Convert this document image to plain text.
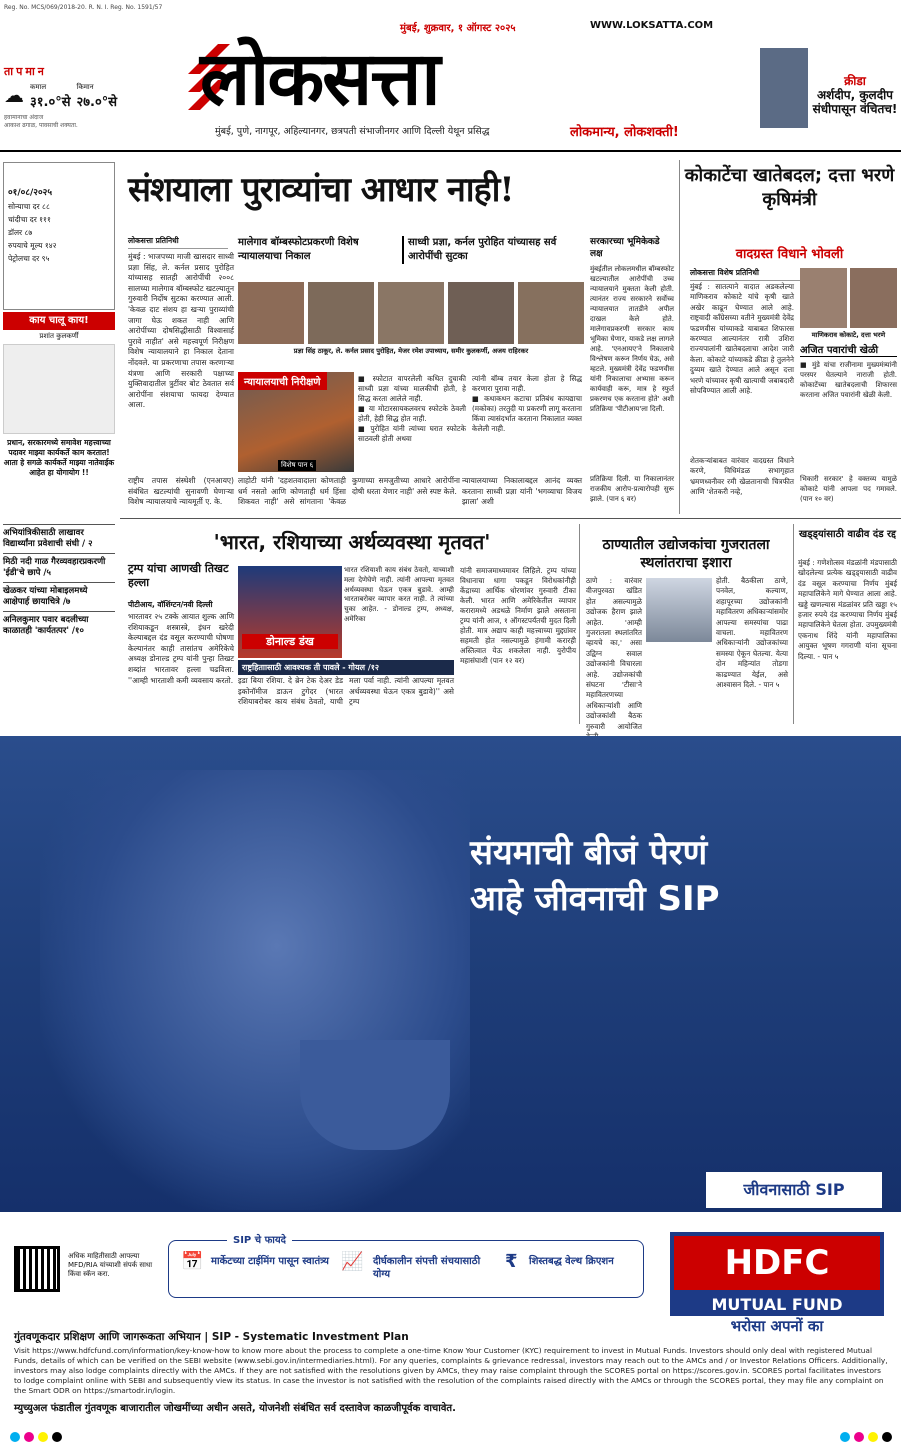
Reg. No. MCS/069/2018-20. R. N. I. Reg. No. 1591/57
तापमान
☁ कमाल
३१.०°से
किमान
२७.०°से
हवामानाचा अंदाज
आकाश ढगाळ, पावसाची शक्यता.
मुंबई, शुक्रवार, १ ऑगस्ट २०२५	WWW.LOKSATTA.COM
लोकसत्ता
मुंबई, पुणे, नागपूर, अहिल्यानगर, छत्रपती संभाजीनगर आणि दिल्ली येथून प्रसिद्ध	लोकमान्य, लोकशक्ती!
क्रीडा
अर्शदीप, कुलदीप संधीपासून वंचितच!
०१/०८/२०२५
सोन्याचा दर ८८
चांदीचा दर १११
डॉलर ८७
रुपयाचे मूल्य १४२
पेट्रोलचा दर ९५
काय चालू काय!
प्रशांत कुलकर्णी
प्रधान, सरकारमध्ये समावेश महत्त्वाच्या पदावर माझ्या कार्यकर्ते काम करतात! आता हे सगळे कार्यकर्ते माझ्या नातेवाईक आहेत हा योगायोग !!
अभियांत्रिकीसाठी लाखावर विद्यार्थ्यांना प्रवेशाची संधी / २
मिठी नदी गाळ गैरव्यवहारप्रकरणी 'ईडी'चे छापे /५
खेळकर यांच्या मोबाइलमध्ये आक्षेपार्ह छायाचित्रे /७
अनिलकुमार पवार बदलीच्या काळातही 'कार्यतत्पर' /१०
संशयाला पुराव्यांचा आधार नाही!
लोकसत्ता प्रतिनिधी	मालेगाव बॉम्बस्फोटप्रकरणी विशेष न्यायालयाचा निकाल
साध्वी प्रज्ञा, कर्नल पुरोहित यांच्यासह सर्व आरोपींची सुटका
मुंबई : भाजपच्या माजी खासदार साध्वी प्रज्ञा सिंह, ले. कर्नल प्रसाद पुरोहित यांच्यासह सातही आरोपींची २००८ सालच्या मालेगाव बॉम्बस्फोट खटल्यातून गुरुवारी निर्दोष सुटका करण्यात आली. 'केवळ दाट संशय हा खऱ्या पुराव्यांची जागा घेऊ शकत नाही आणि आरोपींच्या दोषसिद्धीसाठी विश्वासार्ह पुरावे नाहीत' असे महत्त्वपूर्ण निरीक्षण विशेष न्यायालयाने हा निकाल देताना नोंदवले. या प्रकरणाचा तपास करणाऱ्या यंत्रणा आणि सरकारी पक्षाच्या युक्तिवादातील त्रुटींवर बोट ठेवतात सर्व आरोपींना संशयाचा फायदा देण्यात आला.
राष्ट्रीय तपास संस्थेशी (एनआयए) संबंधित खटल्यांची सुनावणी घेणाऱ्या विशेष न्यायालयाचे न्यायमूर्ती ए. के.
प्रज्ञा सिंह ठाकूर, ले. कर्नल प्रसाद पुरोहित, मेजर रमेश उपाध्याय, समीर कुलकर्णी, अजय राहिरकर
न्यायालयाची निरीक्षणे
विशेष पान ६
■ स्फोटात वापरलेली कथित दुचाकी साध्वी प्रज्ञा यांच्या मालकीची होती, हे सिद्ध करता आलेले नाही.
■ या मोटारसायकलवरच स्फोटके ठेवली होती, हेही सिद्ध होत नाही.
■ पुरोहित यांनी त्यांच्या घरात स्फोटके साठवली होती अथवा
त्यांनी बॉम्ब तयार केला होता हे सिद्ध करणारा पुरावा नाही.
■ कथाकथन कटाचा प्रतिबंध कायद्याचा (मकोका) तरतुदी या प्रकरणी लागू करताना किंवा त्यासंदर्भात करताना निकालात व्यक्त केलेली नाही.
लाहोटी यांनी 'दहशतवादाला कोणताही धर्म नसतो आणि कोणताही धर्म हिंसा शिकवत नाही' असे सांगताना 'केवळ कुणाच्या समजुतीच्या आधारे आरोपींना दोषी धरता येणार नाही' असे स्पष्ट केले.
न्यायालयाच्या निकालाबद्दल आनंद व्यक्त करताना साध्वी प्रज्ञा यांनी 'भगव्याचा विजय झाला' अशी
सरकारच्या भूमिकेकडे लक्ष
मुंबईतील लोकलमधील बॉम्बस्फोट खटल्यातील आरोपींची उच्च न्यायालयाने मुक्तता केली होती. त्यानंतर राज्य सरकारने सर्वोच्च न्यायालयात तातडीने अपील दाखल केले होते. मालेगावप्रकरणी सरकार काय भूमिका घेणार, याकडे लक्ष लागले आहे. 'एनआयए'ने निकालाचे विश्लेषण करून निर्णय घेऊ, असे म्हटले. मुख्यमंत्री देवेंद्र फडणवीस यांनी निकालाचा अभ्यास करून कार्यवाही करू, मात्र हे स्फुर्त प्रकरणच एक करताना होते' अशी प्रतिक्रिया 'पीटीआय'ला दिली.
प्रतिक्रिया दिली. या निकालानंतर राजकीय आरोप-प्रत्यारोपही सुरू झाले. (पान ६ वर)
कोकाटेंचा खातेबदल; दत्ता भरणे कृषिमंत्री
वादग्रस्त विधाने भोवली
लोकसत्ता विशेष प्रतिनिधी
मुंबई : सातत्याने वादात अडकलेल्या माणिकराव कोकाटे यांचे कृषी खाते अखेर काढून घेण्यात आले आहे. राष्ट्रवादी काँग्रेसच्या वतीने मुख्यमंत्री देवेंद्र फडणवीस यांच्याकडे याबाबत शिफारस करण्यात आल्यानंतर रात्री उशिरा राज्यपालांनी खातेबदलाचा आदेश जारी केला. कोकाटे यांच्याकडे क्रीडा हे तुलनेने दुय्यम खाते देण्यात आले असून दत्ता भरणे यांच्यावर कृषी खात्याची जबाबदारी सोपविण्यात आली आहे.
शेतकऱ्यांबाबत वारंवार वादग्रस्त विधाने करणे, विधिमंडळ सभागृहात भ्रमणध्वनीवर रमी खेळतानाची चित्रफीत आणि 'शेतकरी नव्हे,
माणिकराव कोकाटे, दत्ता भरणे
अजित पवारांची खेळी
■ मुंडे यांचा राजीनामा मुख्यमंत्र्यांनी परस्पर घेतल्याने नाराजी होती. कोकाटेंच्या खातेबदलाची शिफारस करताना अजित पवारांनी खेळी केली.
भिकारी सरकार' हे वक्तव्य यामुळे कोकाटे यांनी आपला पद गमावले. (पान १० वर)
'भारत, रशियाच्या अर्थव्यवस्था मृतवत'
ट्रम्प यांचा आणखी तिखट हल्ला
पीटीआय, वॉशिंग्टन/नवी दिल्ली
भारतावर २५ टक्के आयात शुल्क आणि रशियाकडून शस्त्रास्त्रे, इंधन खरेदी केल्याबद्दल दंड वसूल करण्याची घोषणा केल्यानंतर काही तासांतच अमेरिकेचे अध्यक्ष डोनाल्ड ट्रम्प यांनी पुन्हा तिखट शब्दांत भारतावर हल्ला चढविला. ''आम्ही भारताशी कमी व्यवसाय करतो.
डोनाल्ड डंख
भारत रशियाशी काय संबंध ठेवतो, याच्याशी मला देणेघेणे नाही. त्यांनी आपल्या मृतवत अर्थव्यवस्था घेऊन एकत्र बुडावे. आम्ही भारताबरोबर व्यापार करत नाही. ते त्यांच्या चुका आहेत. - डोनाल्ड ट्रम्प, अध्यक्ष, अमेरिका
राष्ट्रहिताासाठी आवश्यक ती पावले - गोयल /१२
इडा बिया रशिया. दे ब्रेन टेक देअर डेड इकोनॉमीज डाऊन टुगेदर (भारत रशियाबरोबर काय संबंध ठेवतो, याची मला पर्वा नाही. त्यांनी आपल्या मृतवत अर्थव्यवस्था घेऊन एकत्र बुडावे)'' असे ट्रम्प
यांनी समाजमाध्यमावर लिहिले. ट्रम्प यांच्या विधानाचा धागा पकडून विरोधकांनीही केंद्राच्या आर्थिक धोरणांवर गुरुवारी टीका केली. भारत आणि अमेरिकेतील व्यापार करारामध्ये अडथळे निर्माण झाले असताना ट्रम्प यांनी आज, १ ऑगस्टपर्यंतची मुदत दिली होती. मात्र अद्याप काही महत्त्वाच्या मुद्द्यांवर सहमती होत नसल्यामुळे हंगामी करारही अस्तित्वात येऊ शकलेला नाही. युरोपीय महासंघाशी (पान १२ वर)
ठाण्यातील उद्योजकांचा गुजरातला स्थलांतराचा इशारा
ठाणे : वारंवार वीजपुरवठा खंडित होत असल्यामुळे उद्योजक हैराण झाले आहेत. 'आम्ही गुजरातला स्थलांतरित व्हायचे का,' असा उद्विग्न सवाल उद्योजकांनी विचारला आहे. उद्योजकांची संघटना 'टीसा'ने महावितरणच्या अधिकाऱ्यांशी आणि उद्योजकांशी बैठक गुरुवारी आयोजित
होती. बैठकीला ठाणे, पनवेल, कल्याण, शहापूरच्या उद्योजकांनी महावितरण अधिकाऱ्यांसमोर आपल्या समस्यांचा पाढा वाचला. महावितरण अधिकाऱ्यांनी उद्योजकांच्या समस्या ऐकून घेतल्या. येत्या दोन महिन्यांत तोडगा काढण्यात येईल, असे आश्वासन दिले. - पान ५
खड्ड्यांसाठी वाढीव दंड रद्द
मुंबई : गणेशोत्सव मंडळांनी मंडपासाठी खोदलेल्या प्रत्येक खड्ड्यासाठी वाढीव दंड वसूल करण्याचा निर्णय मुंबई महापालिकेने मागे घेण्यात आला आहे. खड्डे खणल्यास मंडळांवर प्रति खड्डा १५ हजार रुपये दंड करण्याचा निर्णय मुंबई महापालिकेने घेतला होता. उपमुख्यमंत्री एकनाथ शिंदे यांनी महापालिका आयुक्त भूषण गगराणी यांना सूचना दिल्या. - पान ५
संयमाची बीजं पेरणं
आहे जीवनाची SIP
जीवनासाठी SIP
अधिक माहितीसाठी आपल्या MFD/RIA यांच्याशी संपर्क साधा किंवा स्कॅन करा.
SIP चे फायदे
📅 मार्केटच्या टाईमिंग पासून स्वातंत्र्य 📈 दीर्घकालीन संपत्ती संचयासाठी योग्य
₹ शिस्तबद्ध वेल्थ क्रिएशन	HDFC
MUTUAL FUND
भरोसा अपनों का
गुंतवणूकदार प्रशिक्षण आणि जागरूकता अभियान | SIP - Systematic Investment Plan
Visit https://www.hdfcfund.com/information/key-know-how to know more about the process to complete a one-time Know Your Customer (KYC) requirement to invest in Mutual Funds. Investors should only deal with registered Mutual Funds, details of which can be verified on the SEBI website (www.sebi.gov.in/intermediaries.html). For any queries, complaints & grievance redressal, investors may reach out to the AMCs and / or Investor Relations Officers. Additionally, investors may also lodge complaints directly with the AMCs. If they are not satisfied with the resolutions given by AMCs, they may raise complaint through the SCORES portal on https://scores.gov.in. SCORES portal facilitates investors to lodge complaint online with SEBI and subsequently view its status. In case the investor is not satisfied with the resolution of the complaints raised directly with the AMCs or through the SCORES portal, they may file any complaint on the Smart ODR on https://smartodr.in/login.
म्युच्युअल फंडातील गुंतवणूक बाजारातील जोखमींच्या अधीन असते, योजनेशी संबंधित सर्व दस्तावेज काळजीपूर्वक वाचावेत.
